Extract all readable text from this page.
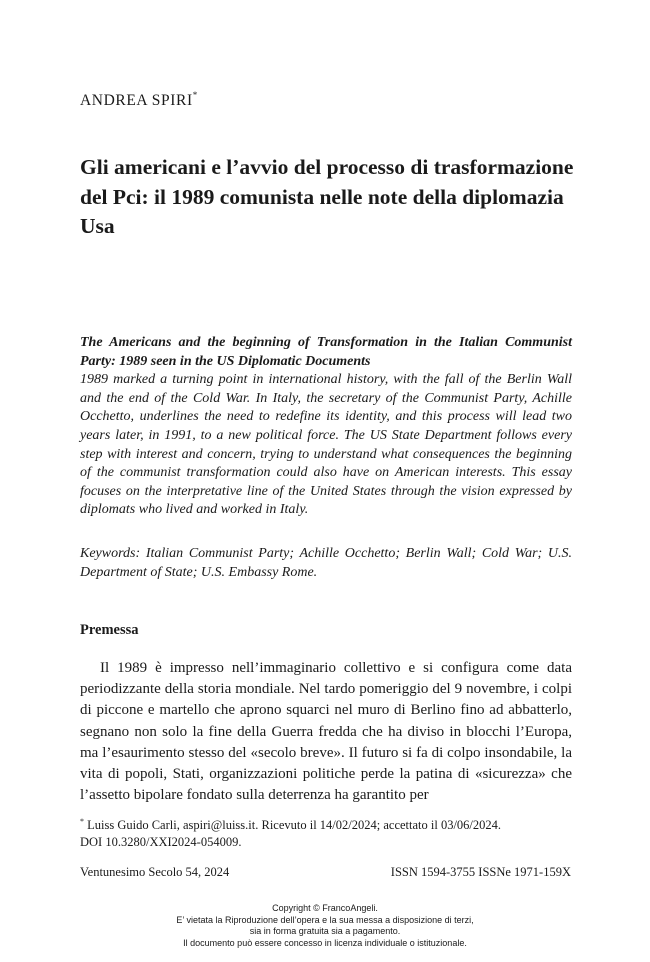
ANDREA SPIRI*
Gli americani e l’avvio del processo di trasformazione del Pci: il 1989 comunista nelle note della diplomazia Usa
The Americans and the beginning of Transformation in the Italian Communist Party: 1989 seen in the US Diplomatic Documents
1989 marked a turning point in international history, with the fall of the Berlin Wall and the end of the Cold War. In Italy, the secretary of the Communist Party, Achille Occhetto, underlines the need to redefine its identity, and this process will lead two years later, in 1991, to a new political force. The US State Department follows every step with interest and concern, trying to understand what consequences the beginning of the communist transformation could also have on American interests. This essay focuses on the interpretative line of the United States through the vision expressed by diplomats who lived and worked in Italy.
Keywords: Italian Communist Party; Achille Occhetto; Berlin Wall; Cold War; U.S. Department of State; U.S. Embassy Rome.
Premessa

Il 1989 è impresso nell’immaginario collettivo e si configura come data periodizzante della storia mondiale. Nel tardo pomeriggio del 9 novembre, i colpi di piccone e martello che aprono squarci nel muro di Berlino fino ad abbatterlo, segnano non solo la fine della Guerra fredda che ha diviso in blocchi l’Europa, ma l’esaurimento stesso del «secolo breve». Il futuro si fa di colpo insondabile, la vita di popoli, Stati, organizzazioni politiche perde la patina di «sicurezza» che l’assetto bipolare fondato sulla deterrenza ha garantito per

* Luiss Guido Carli, aspiri@luiss.it. Ricevuto il 14/02/2024; accettato il 03/06/2024.
DOI 10.3280/XXI2024-054009.
Ventunesimo Secolo 54, 2024	ISSN 1594-3755 ISSNe 1971-159X
Copyright © FrancoAngeli.
E’ vietata la Riproduzione dell’opera e la sua messa a disposizione di terzi,
sia in forma gratuita sia a pagamento.
Il documento può essere concesso in licenza individuale o istituzionale.
